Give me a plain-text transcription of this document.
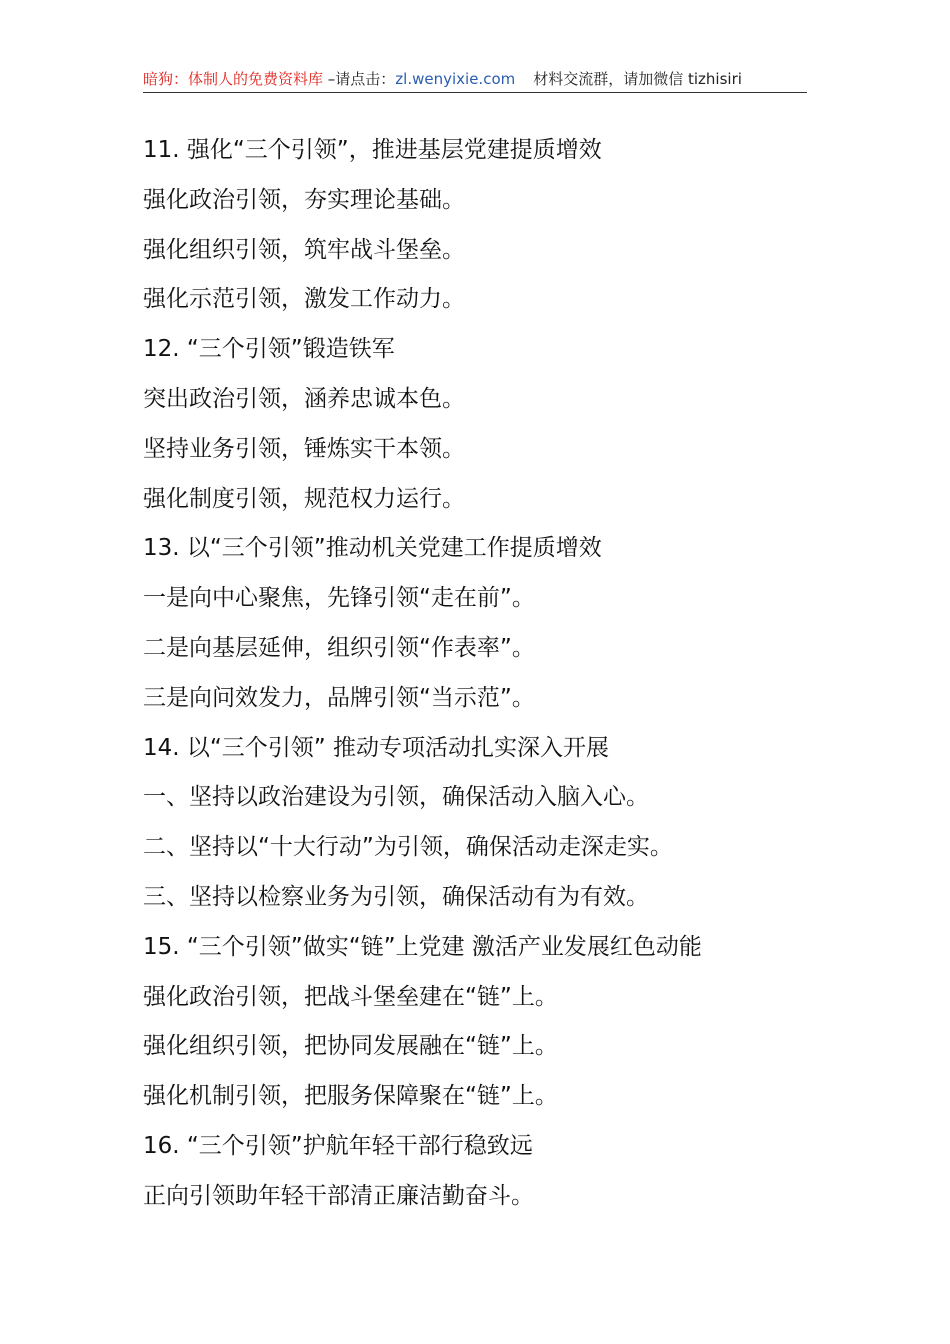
暗狗：体制人的免费资料库 –请点击：zl.wenyixie.com 材料交流群，请加微信 tizhisiri
11. 强化“三个引领”，推进基层党建提质增效
强化政治引领，夯实理论基础。
强化组织引领，筑牢战斗堡垒。
强化示范引领，激发工作动力。
12. “三个引领”锻造铁军
突出政治引领，涵养忠诚本色。
坚持业务引领，锤炼实干本领。
强化制度引领，规范权力运行。
13. 以“三个引领”推动机关党建工作提质增效
一是向中心聚焦，先锋引领“走在前”。
二是向基层延伸，组织引领“作表率”。
三是向问效发力，品牌引领“当示范”。
14. 以“三个引领” 推动专项活动扎实深入开展
一、坚持以政治建设为引领，确保活动入脑入心。
二、坚持以“十大行动”为引领，确保活动走深走实。
三、坚持以检察业务为引领，确保活动有为有效。
15. “三个引领”做实“链”上党建 激活产业发展红色动能
强化政治引领，把战斗堡垒建在“链”上。
强化组织引领，把协同发展融在“链”上。
强化机制引领，把服务保障聚在“链”上。
16. “三个引领”护航年轻干部行稳致远
正向引领助年轻干部清正廉洁勤奋斗。
